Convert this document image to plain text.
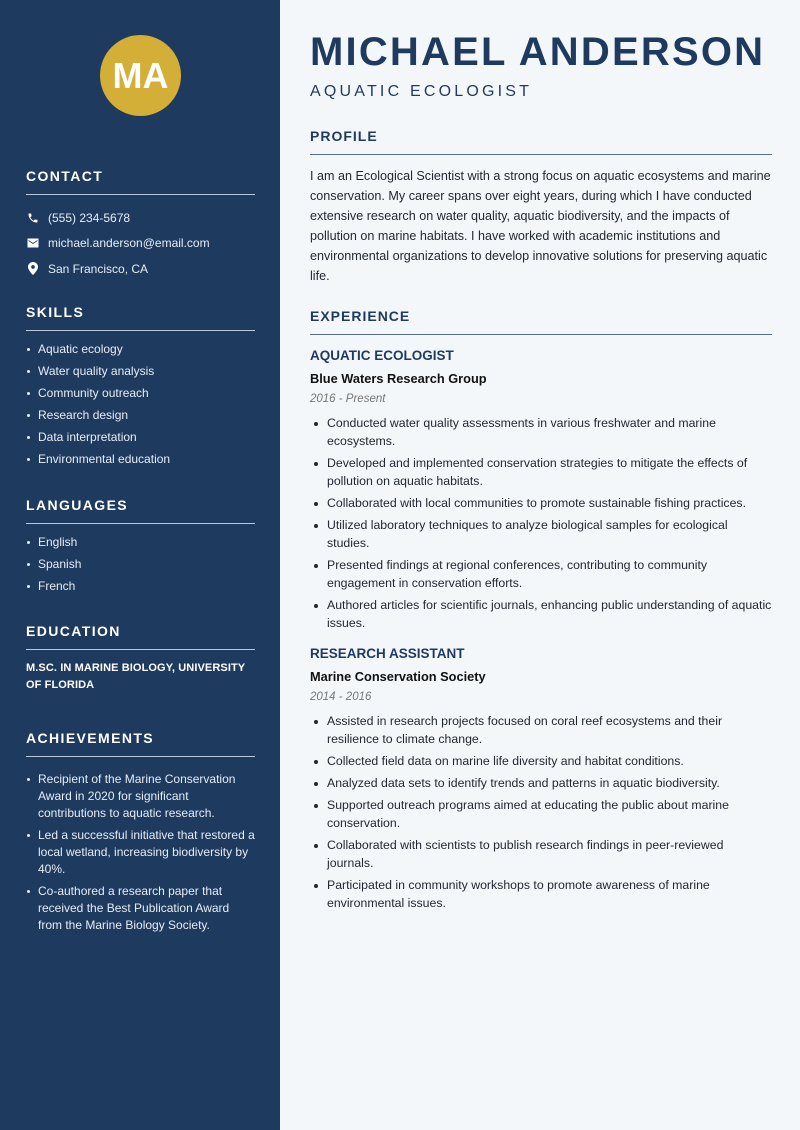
MA
CONTACT
(555) 234-5678
michael.anderson@email.com
San Francisco, CA
SKILLS
Aquatic ecology
Water quality analysis
Community outreach
Research design
Data interpretation
Environmental education
LANGUAGES
English
Spanish
French
EDUCATION
M.SC. IN MARINE BIOLOGY, UNIVERSITY OF FLORIDA
ACHIEVEMENTS
Recipient of the Marine Conservation Award in 2020 for significant contributions to aquatic research.
Led a successful initiative that restored a local wetland, increasing biodiversity by 40%.
Co-authored a research paper that received the Best Publication Award from the Marine Biology Society.
MICHAEL ANDERSON
AQUATIC ECOLOGIST
PROFILE

I am an Ecological Scientist with a strong focus on aquatic ecosystems and marine conservation. My career spans over eight years, during which I have conducted extensive research on water quality, aquatic biodiversity, and the impacts of pollution on marine habitats. I have worked with academic institutions and environmental organizations to develop innovative solutions for preserving aquatic life.

EXPERIENCE
AQUATIC ECOLOGIST
Blue Waters Research Group
2016 - Present
Conducted water quality assessments in various freshwater and marine ecosystems.
Developed and implemented conservation strategies to mitigate the effects of pollution on aquatic habitats.
Collaborated with local communities to promote sustainable fishing practices.
Utilized laboratory techniques to analyze biological samples for ecological studies.
Presented findings at regional conferences, contributing to community engagement in conservation efforts.
Authored articles for scientific journals, enhancing public understanding of aquatic issues.
RESEARCH ASSISTANT
Marine Conservation Society
2014 - 2016
Assisted in research projects focused on coral reef ecosystems and their resilience to climate change.
Collected field data on marine life diversity and habitat conditions.
Analyzed data sets to identify trends and patterns in aquatic biodiversity.
Supported outreach programs aimed at educating the public about marine conservation.
Collaborated with scientists to publish research findings in peer-reviewed journals.
Participated in community workshops to promote awareness of marine environmental issues.
